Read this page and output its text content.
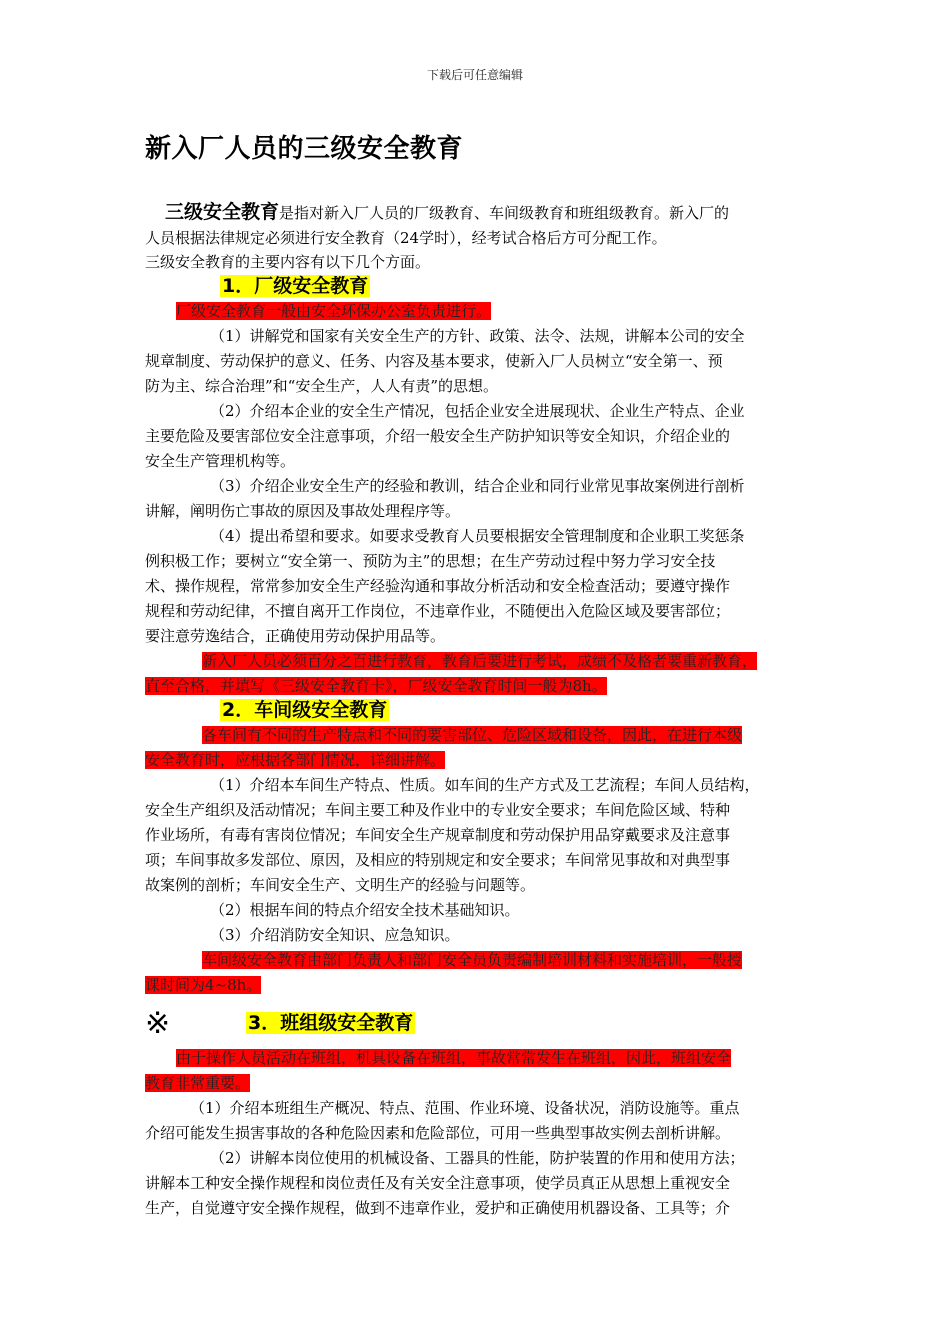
下载后可任意编辑
新入厂人员的三级安全教育
三级安全教育是指对新入厂人员的厂级教育、车间级教育和班组级教育。新入厂的
人员根据法律规定必须进行安全教育（24学时），经考试合格后方可分配工作。
三级安全教育的主要内容有以下几个方面。
1．厂级安全教育
厂级安全教育一般由安全环保办公室负责进行。
（1）讲解党和国家有关安全生产的方针、政策、法令、法规，讲解本公司的安全
规章制度、劳动保护的意义、任务、内容及基本要求，使新入厂人员树立“安全第一、预
防为主、综合治理”和“安全生产，人人有责”的思想。
（2）介绍本企业的安全生产情况，包括企业安全进展现状、企业生产特点、企业
主要危险及要害部位安全注意事项，介绍一般安全生产防护知识等安全知识，介绍企业的
安全生产管理机构等。
（3）介绍企业安全生产的经验和教训，结合企业和同行业常见事故案例进行剖析
讲解，阐明伤亡事故的原因及事故处理程序等。
（4）提出希望和要求。如要求受教育人员要根据安全管理制度和企业职工奖惩条
例积极工作；要树立“安全第一、预防为主”的思想；在生产劳动过程中努力学习安全技
术、操作规程，常常参加安全生产经验沟通和事故分析活动和安全检查活动；要遵守操作
规程和劳动纪律，不擅自离开工作岗位，不违章作业，不随便出入危险区域及要害部位；
要注意劳逸结合，正确使用劳动保护用品等。
新入厂人员必须百分之百进行教育，教育后要进行考试，成绩不及格者要重新教育，
直至合格，并填写《三级安全教育卡》，厂级安全教育时间一般为8h。
2．车间级安全教育
各车间有不同的生产特点和不同的要害部位、危险区域和设备，因此，在进行本级
安全教育时，应根据各部门情况，详细讲解。
（1）介绍本车间生产特点、性质。如车间的生产方式及工艺流程；车间人员结构，
安全生产组织及活动情况；车间主要工种及作业中的专业安全要求；车间危险区域、特种
作业场所，有毒有害岗位情况；车间安全生产规章制度和劳动保护用品穿戴要求及注意事
项；车间事故多发部位、原因，及相应的特别规定和安全要求；车间常见事故和对典型事
故案例的剖析；车间安全生产、文明生产的经验与问题等。
（2）根据车间的特点介绍安全技术基础知识。
（3）介绍消防安全知识、应急知识。
车间级安全教育由部门负责人和部门安全员负责编制培训材料和实施培训，一般授
课时间为4~8h。
※	3．班组级安全教育
由于操作人员活动在班组，机具设备在班组，事故常常发生在班组，因此，班组安全
教育非常重要。
（1）介绍本班组生产概况、特点、范围、作业环境、设备状况，消防设施等。重点
介绍可能发生损害事故的各种危险因素和危险部位，可用一些典型事故实例去剖析讲解。
（2）讲解本岗位使用的机械设备、工器具的性能，防护装置的作用和使用方法；
讲解本工种安全操作规程和岗位责任及有关安全注意事项，使学员真正从思想上重视安全
生产，自觉遵守安全操作规程，做到不违章作业，爱护和正确使用机器设备、工具等；介
